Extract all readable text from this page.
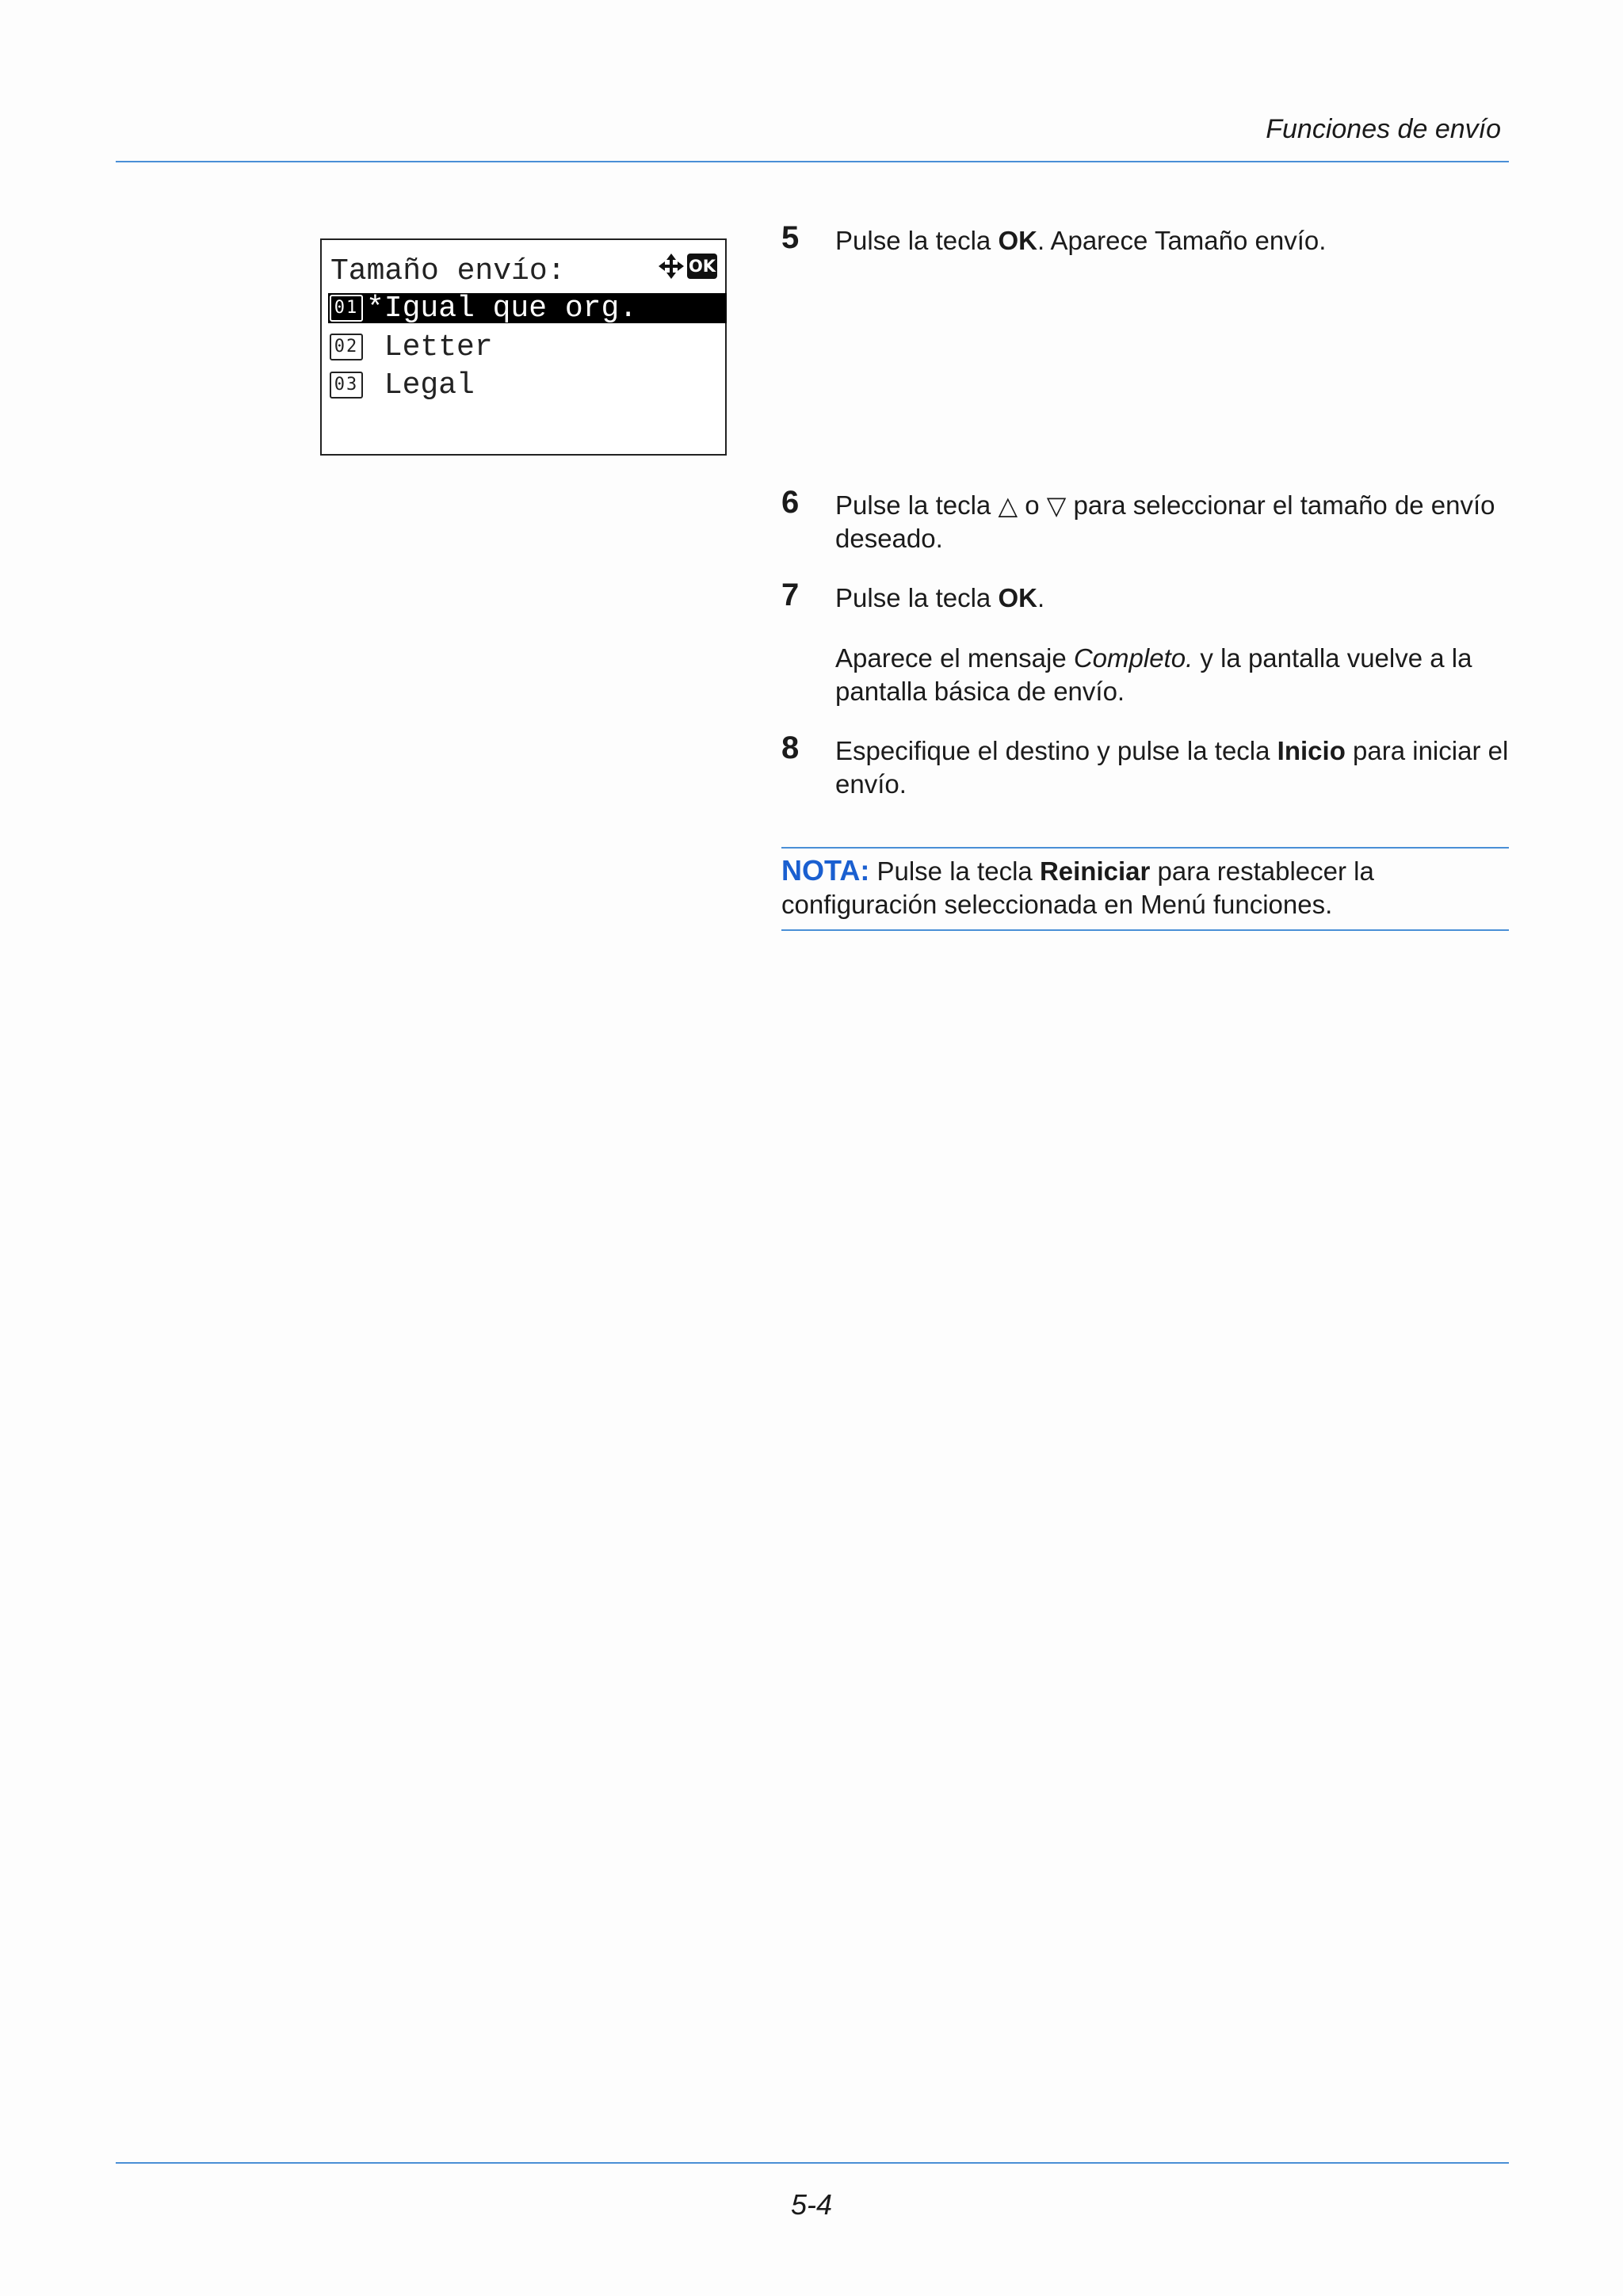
Funciones de envío
Tamaño envío:	OK
01 *Igual que org.
02 Letter
03 Legal
5 Pulse la tecla OK. Aparece Tamaño envío.
6 Pulse la tecla △ o ▽ para seleccionar el tamaño de envío deseado.
7 Pulse la tecla OK.
Aparece el mensaje Completo. y la pantalla vuelve a la pantalla básica de envío.
8 Especifique el destino y pulse la tecla Inicio para iniciar el envío.
NOTA: Pulse la tecla Reiniciar para restablecer la configuración seleccionada en Menú funciones.
5-4
